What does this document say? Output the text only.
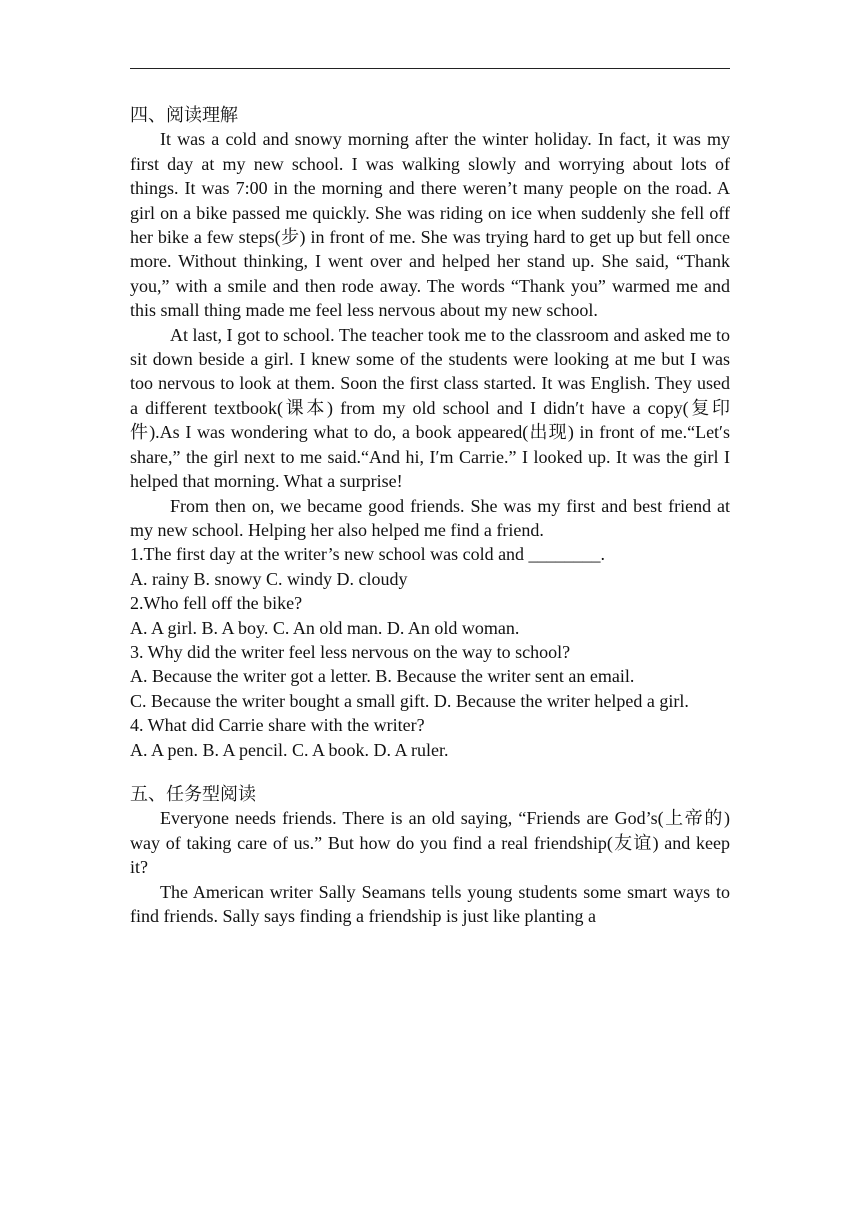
四、阅读理解

It was a cold and snowy morning after the winter holiday. In fact, it was my first day at my new school. I was walking slowly and worrying about lots of things. It was 7:00 in the morning and there weren’t many people on the road. A girl on a bike passed me quickly. She was riding on ice when suddenly she fell off her bike a few steps(步) in front of me. She was trying hard to get up but fell once more. Without thinking, I went over and helped her stand up. She said, “Thank you,” with a smile and then rode away. The words “Thank you” warmed me and this small thing made me feel less nervous about my new school.

At last, I got to school. The teacher took me to the classroom and asked me to sit down beside a girl. I knew some of the students were looking at me but I was too nervous to look at them. Soon the first class started. It was English. They used a different textbook(课本) from my old school and I didn′t have a copy(复印件).As I was wondering what to do, a book appeared(出现) in front of me.“Let′s share,” the girl next to me said.“And hi, I′m Carrie.” I looked up. It was the girl I helped that morning. What a surprise!

From then on, we became good friends. She was my first and best friend at my new school. Helping her also helped me find a friend.

1.The first day at the writer’s new school was cold and ________.

A. rainy B. snowy C. windy D. cloudy

2.Who fell off the bike?

A. A girl. B. A boy. C. An old man. D. An old woman.

3. Why did the writer feel less nervous on the way to school?

A. Because the writer got a letter. B. Because the writer sent an email.

C. Because the writer bought a small gift. D. Because the writer helped a girl.

4. What did Carrie share with the writer?

A. A pen. B. A pencil. C. A book. D. A ruler.

五、任务型阅读

Everyone needs friends. There is an old saying, “Friends are God’s(上帝的) way of taking care of us.” But how do you find a real friendship(友谊) and keep it?

The American writer Sally Seamans tells young students some smart ways to find friends. Sally says finding a friendship is just like planting a
